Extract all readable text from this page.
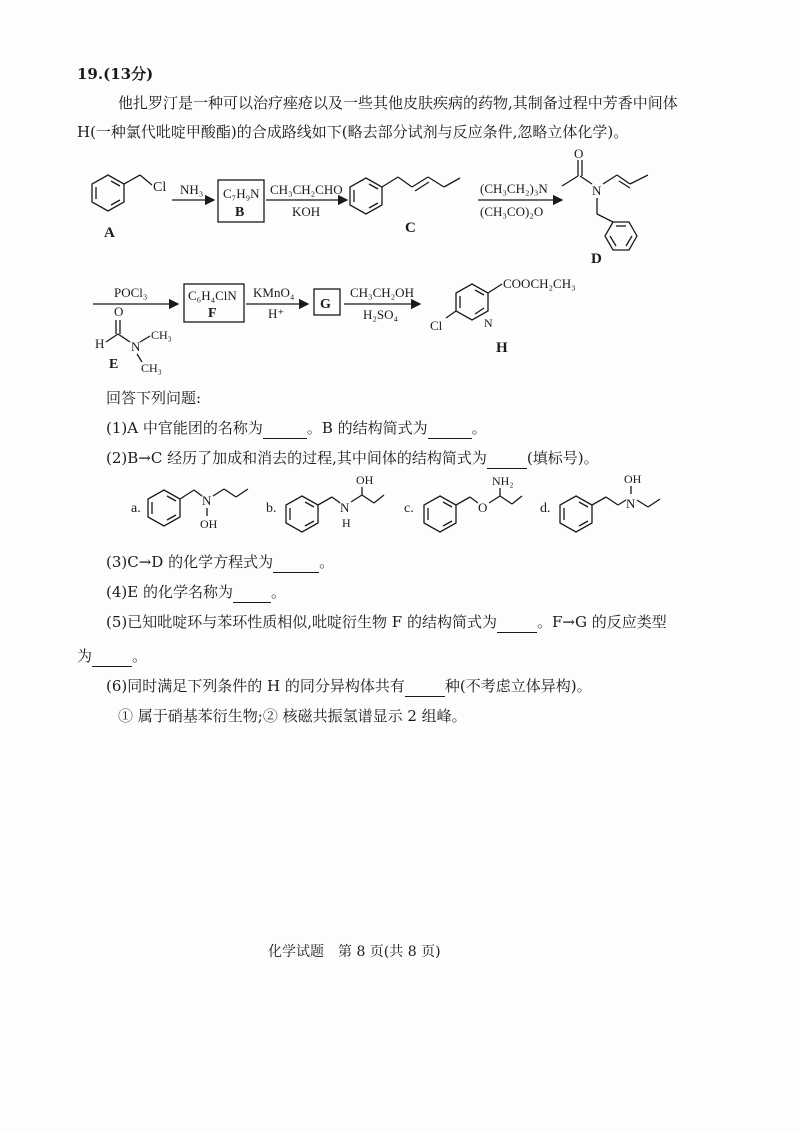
19.(13分)
他扎罗汀是一种可以治疗痤疮以及一些其他皮肤疾病的药物,其制备过程中芳香中间体
H(一种氯代吡啶甲酸酯)的合成路线如下(略去部分试剂与反应条件,忽略立体化学)。
Cl
A
NH₃ C₇H₉N
B
CH₃CH₂CHO
KOH
C
(CH₃CH₂)₃N
(CH₃CO)₂O
O
N
D
POCl₃
O
H N
CH₃
CH₃
E
C₆H₄ClN
F
KMnO₄
H⁺
G
CH₃CH₂OH
H₂SO₄
COOCH₂CH₃
N
Cl
H
回答下列问题:
(1)A 中官能团的名称为	。B 的结构简式为	。
(2)B→C 经历了加成和消去的过程,其中间体的结构简式为	(填标号)。
a.
N
OH
b.	N
H
OH
c.	O
NH₂
d.	N
OH
(3)C→D 的化学方程式为	。
(4)E 的化学名称为	。
(5)已知吡啶环与苯环性质相似,吡啶衍生物 F 的结构简式为	。F→G 的反应类型
为	。
(6)同时满足下列条件的 H 的同分异构体共有	种(不考虑立体异构)。
① 属于硝基苯衍生物;② 核磁共振氢谱显示 2 组峰。
化学试题　第 8 页(共 8 页)
